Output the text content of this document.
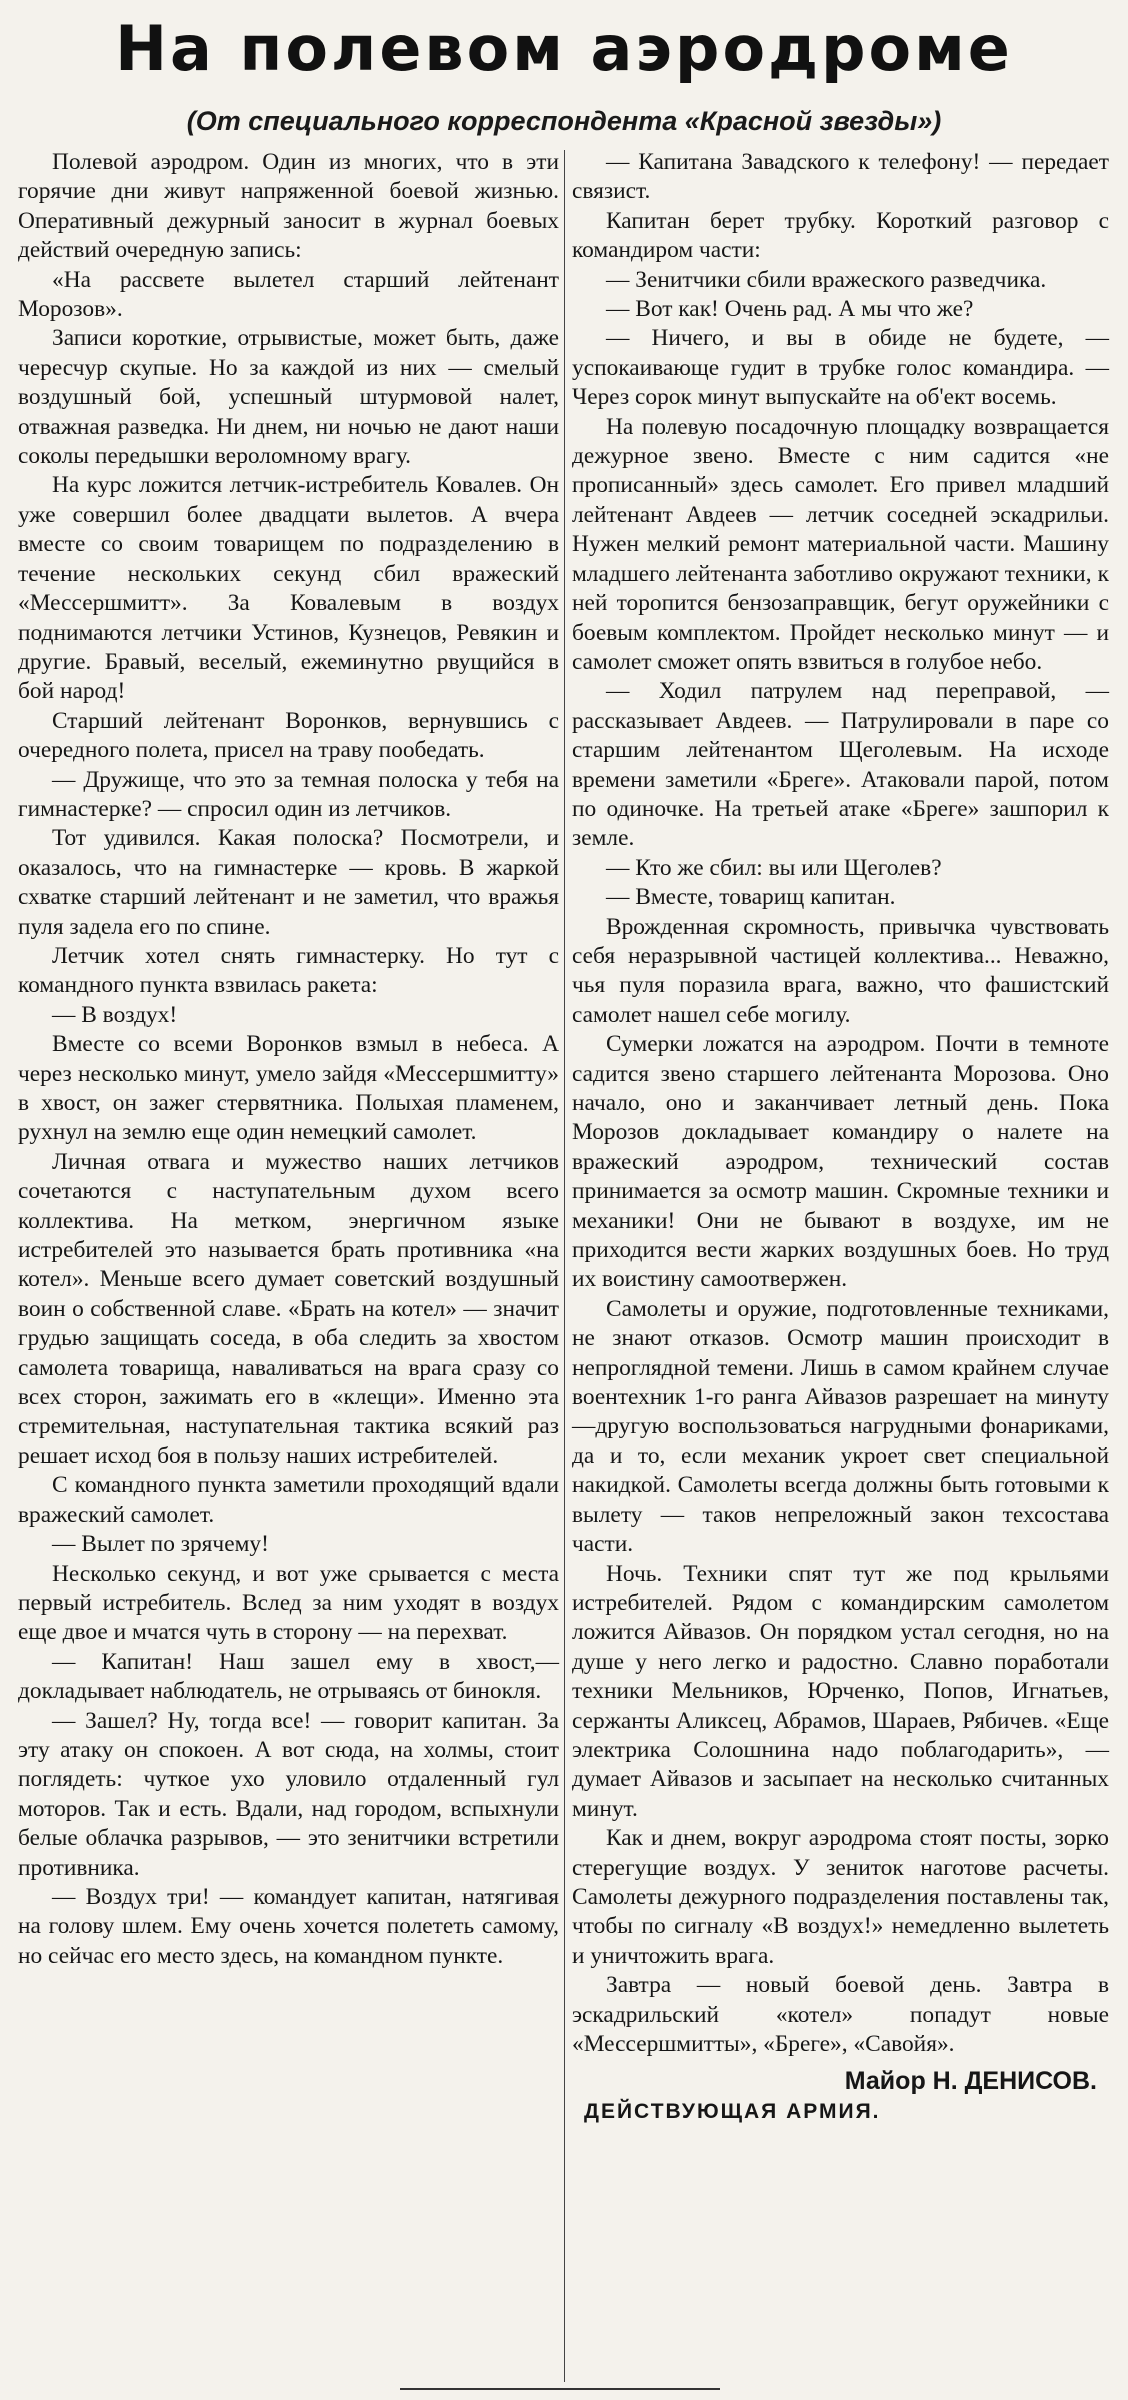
На полевом аэродроме
(От специального корреспондента «Красной звезды»)

Полевой аэродром. Один из многих, что в эти горячие дни живут напряженной боевой жизнью. Оперативный дежурный заносит в журнал боевых действий очередную запись:

«На рассвете вылетел старший лейтенант Морозов».

Записи короткие, отрывистые, может быть, даже чересчур скупые. Но за каждой из них — смелый воздушный бой, успешный штурмовой налет, отважная разведка. Ни днем, ни ночью не дают наши соколы передышки вероломному врагу.

На курс ложится летчик-истребитель Ковалев. Он уже совершил более двадцати вылетов. А вчера вместе со своим товарищем по подразделению в течение нескольких секунд сбил вражеский «Мессершмитт». За Ковалевым в воздух поднимаются летчики Устинов, Кузнецов, Ревякин и другие. Бравый, веселый, ежеминутно рвущийся в бой народ!

Старший лейтенант Воронков, вернувшись с очередного полета, присел на траву пообедать.

— Дружище, что это за темная полоска у тебя на гимнастерке? — спросил один из летчиков.

Тот удивился. Какая полоска? Посмотрели, и оказалось, что на гимнастерке — кровь. В жаркой схватке старший лейтенант и не заметил, что вражья пуля задела его по спине.

Летчик хотел снять гимнастерку. Но тут с командного пункта взвилась ракета:

— В воздух!

Вместе со всеми Воронков взмыл в небеса. А через несколько минут, умело зайдя «Мессершмитту» в хвост, он зажег стервятника. Полыхая пламенем, рухнул на землю еще один немецкий самолет.

Личная отвага и мужество наших летчиков сочетаются с наступательным духом всего коллектива. На метком, энергичном языке истребителей это называется брать противника «на котел». Меньше всего думает советский воздушный воин о собственной славе. «Брать на котел» — значит грудью защищать соседа, в оба следить за хвостом самолета товарища, наваливаться на врага сразу со всех сторон, зажимать его в «клещи». Именно эта стремительная, наступательная тактика всякий раз решает исход боя в пользу наших истребителей.

С командного пункта заметили проходящий вдали вражеский самолет.

— Вылет по зрячему!

Несколько секунд, и вот уже срывается с места первый истребитель. Вслед за ним уходят в воздух еще двое и мчатся чуть в сторону — на перехват.

— Капитан! Наш зашел ему в хвост,— докладывает наблюдатель, не отрываясь от бинокля.

— Зашел? Ну, тогда все! — говорит капитан. За эту атаку он спокоен. А вот сюда, на холмы, стоит поглядеть: чуткое ухо уловило отдаленный гул моторов. Так и есть. Вдали, над городом, вспыхнули белые облачка разрывов, — это зенитчики встретили противника.

— Воздух три! — командует капитан, натягивая на голову шлем. Ему очень хочется полететь самому, но сейчас его место здесь, на командном пункте.

— Капитана Завадского к телефону! — передает связист.

Капитан берет трубку. Короткий разговор с командиром части:

— Зенитчики сбили вражеского разведчика.

— Вот как! Очень рад. А мы что же?

— Ничего, и вы в обиде не будете, — успокаивающе гудит в трубке голос командира. — Через сорок минут выпускайте на об'ект восемь.

На полевую посадочную площадку возвращается дежурное звено. Вместе с ним садится «не прописанный» здесь самолет. Его привел младший лейтенант Авдеев — летчик соседней эскадрильи. Нужен мелкий ремонт материальной части. Машину младшего лейтенанта заботливо окружают техники, к ней торопится бензозаправщик, бегут оружейники с боевым комплектом. Пройдет несколько минут — и самолет сможет опять взвиться в голубое небо.

— Ходил патрулем над переправой, — рассказывает Авдеев. — Патрулировали в паре со старшим лейтенантом Щеголевым. На исходе времени заметили «Бреге». Атаковали парой, потом по одиночке. На третьей атаке «Бреге» зашпорил к земле.

— Кто же сбил: вы или Щеголев?

— Вместе, товарищ капитан.

Врожденная скромность, привычка чувствовать себя неразрывной частицей коллектива... Неважно, чья пуля поразила врага, важно, что фашистский самолет нашел себе могилу.

Сумерки ложатся на аэродром. Почти в темноте садится звено старшего лейтенанта Морозова. Оно начало, оно и заканчивает летный день. Пока Морозов докладывает командиру о налете на вражеский аэродром, технический состав принимается за осмотр машин. Скромные техники и механики! Они не бывают в воздухе, им не приходится вести жарких воздушных боев. Но труд их воистину самоотвержен.

Самолеты и оружие, подготовленные техниками, не знают отказов. Осмотр машин происходит в непроглядной темени. Лишь в самом крайнем случае воентехник 1-го ранга Айвазов разрешает на минуту—другую воспользоваться нагрудными фонариками, да и то, если механик укроет свет специальной накидкой. Самолеты всегда должны быть готовыми к вылету — таков непреложный закон техсостава части.

Ночь. Техники спят тут же под крыльями истребителей. Рядом с командирским самолетом ложится Айвазов. Он порядком устал сегодня, но на душе у него легко и радостно. Славно поработали техники Мельников, Юрченко, Попов, Игнатьев, сержанты Аликсец, Абрамов, Шараев, Рябичев. «Еще электрика Солошнина надо поблагодарить», — думает Айвазов и засыпает на несколько считанных минут.

Как и днем, вокруг аэродрома стоят посты, зорко стерегущие воздух. У зениток наготове расчеты. Самолеты дежурного подразделения поставлены так, чтобы по сигналу «В воздух!» немедленно вылететь и уничтожить врага.

Завтра — новый боевой день. Завтра в эскадрильский «котел» попадут новые «Мессершмитты», «Бреге», «Савойя».

Майор Н. ДЕНИСОВ.

ДЕЙСТВУЮЩАЯ АРМИЯ.
